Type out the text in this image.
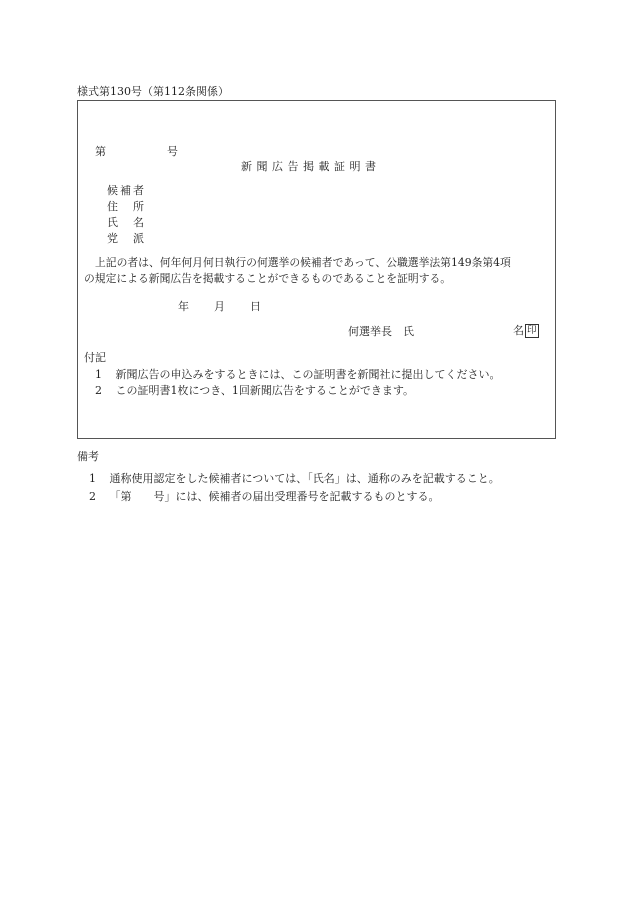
様式第130号（第112条関係）
第	号
新聞広告掲載証明書
候補者
住　所
氏　名
党　派
上記の者は、何年何月何日執行の何選挙の候補者であって、公職選挙法第149条第4項
の規定による新聞広告を掲載することができるものであることを証明する。
年 月 日
何選挙長　氏	名 印
付記
1 新聞広告の申込みをするときには、この証明書を新聞社に提出してください。
2 この証明書1枚につき、1回新聞広告をすることができます。
備考
1 通称使用認定をした候補者については、「氏名」は、通称のみを記載すること。
2 「第　　号」には、候補者の届出受理番号を記載するものとする。
